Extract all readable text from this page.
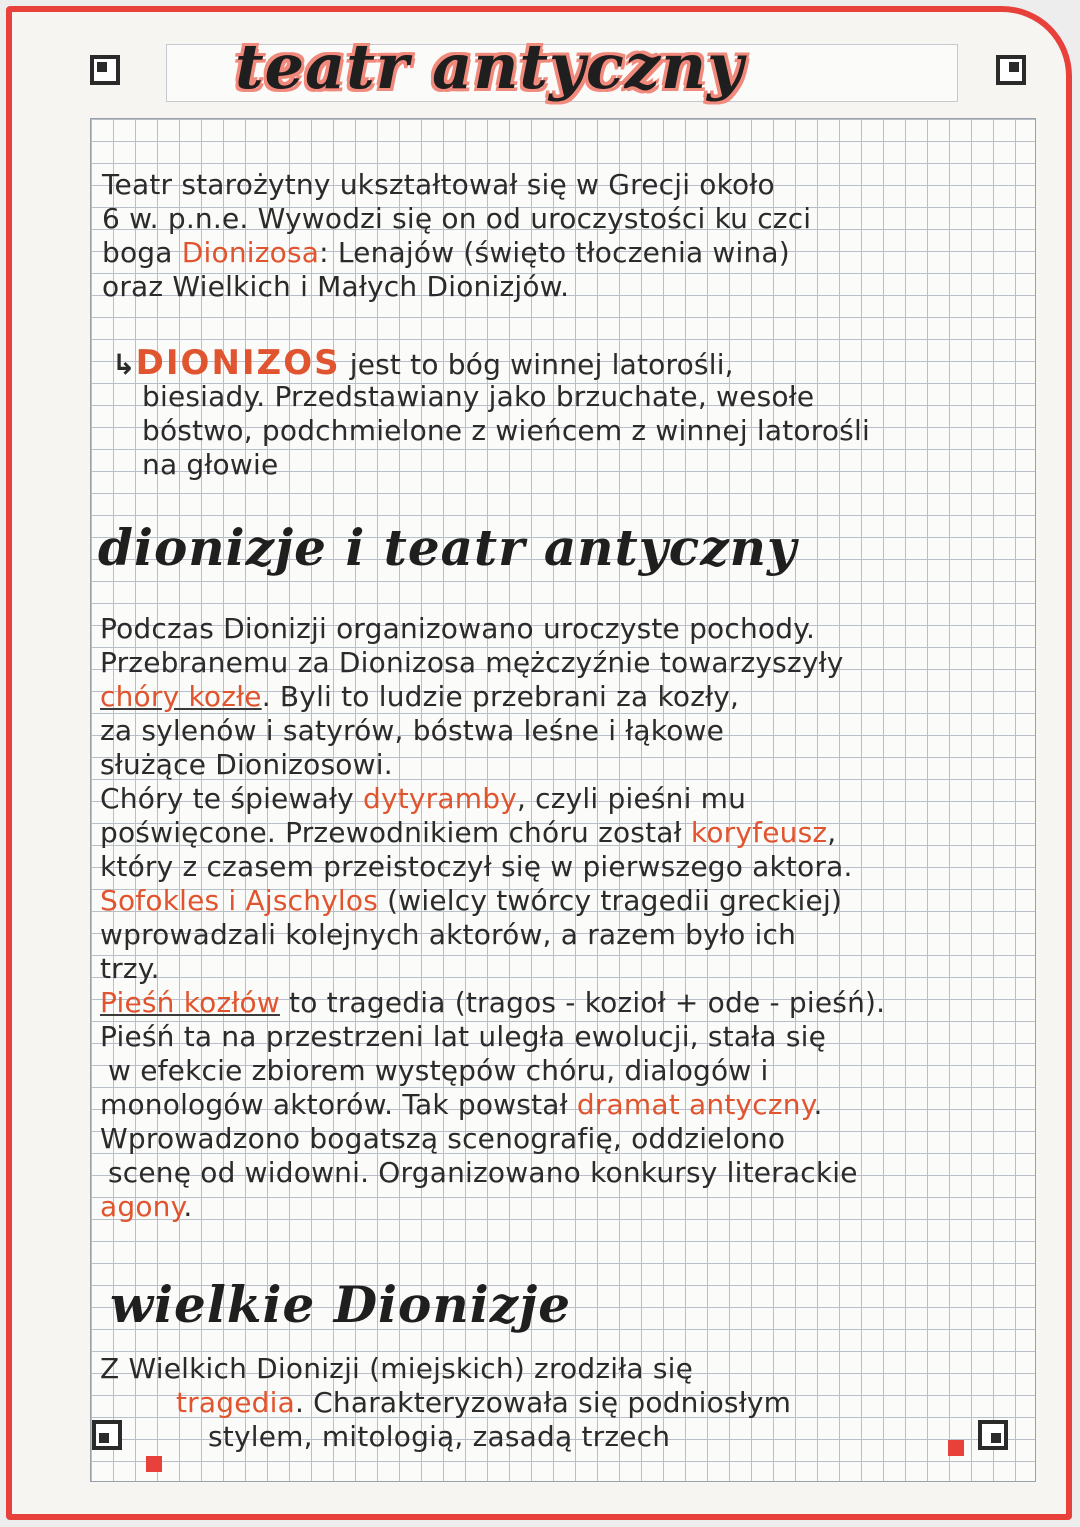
teatr antyczny
Teatr starożytny ukształtował się w Grecji około
6 w. p.n.e. Wywodzi się on od uroczystości ku czci
boga Dionizosa: Lenajów (święto tłoczenia wina)
oraz Wielkich i Małych Dionizjów.
↳DIONIZOS jest to bóg winnej latorośli,
biesiady. Przedstawiany jako brzuchate, wesołe
bóstwo, podchmielone z wieńcem z winnej latorośli
na głowie
dionizje i teatr antyczny
Podczas Dionizji organizowano uroczyste pochody.
Przebranemu za Dionizosa mężczyźnie towarzyszyły
chóry kozłe. Byli to ludzie przebrani za kozły,
za sylenów i satyrów, bóstwa leśne i łąkowe
służące Dionizosowi.
Chóry te śpiewały dytyramby, czyli pieśni mu
poświęcone. Przewodnikiem chóru został koryfeusz,
który z czasem przeistoczył się w pierwszego aktora.
Sofokles i Ajschylos (wielcy twórcy tragedii greckiej)
wprowadzali kolejnych aktorów, a razem było ich
trzy.
Pieśń kozłów to tragedia (tragos - kozioł + ode - pieśń).
Pieśń ta na przestrzeni lat uległa ewolucji, stała się
w efekcie zbiorem występów chóru, dialogów i
monologów aktorów. Tak powstał dramat antyczny.
Wprowadzono bogatszą scenografię, oddzielono
scenę od widowni. Organizowano konkursy literackie
agony.
wielkie Dionizje
Z Wielkich Dionizji (miejskich) zrodziła się
tragedia. Charakteryzowała się podniosłym
stylem, mitologią, zasadą trzech
